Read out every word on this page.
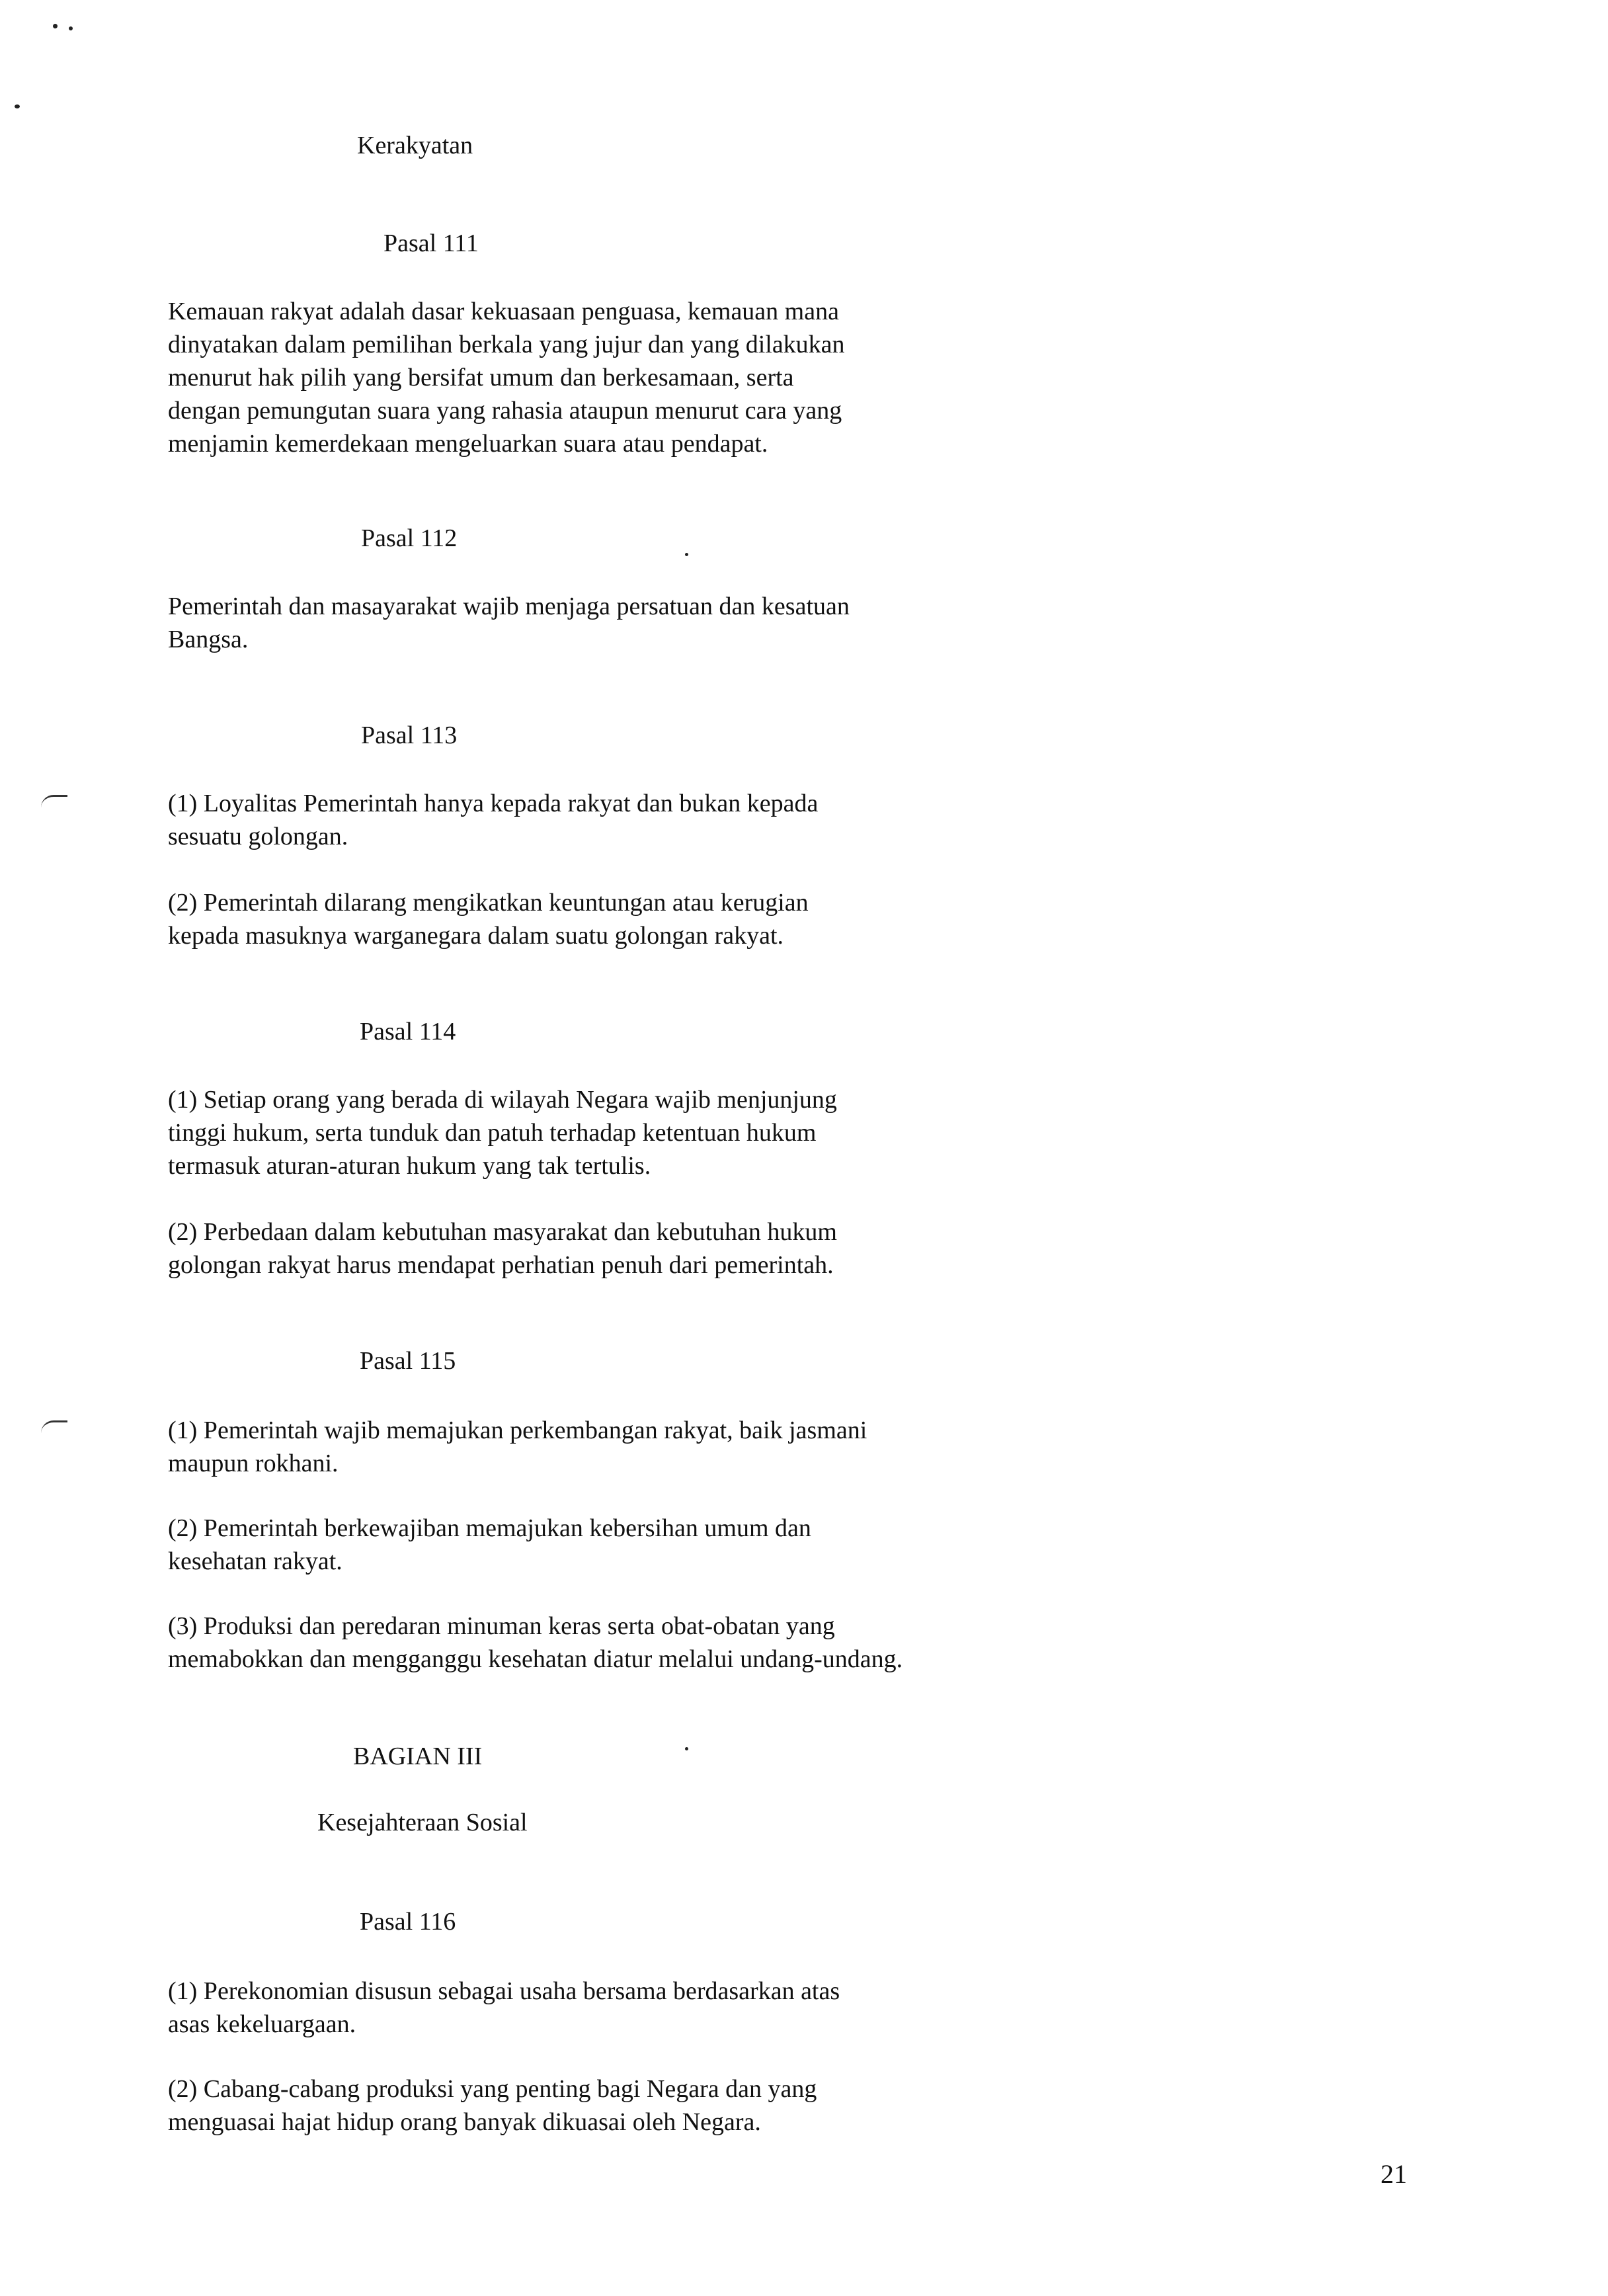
Kerakyatan
Pasal 111
Kemauan rakyat adalah dasar kekuasaan penguasa, kemauan mana
dinyatakan dalam pemilihan berkala yang jujur dan yang dilakukan
menurut hak pilih yang bersifat umum dan berkesamaan, serta
dengan pemungutan suara yang rahasia ataupun menurut cara yang
menjamin kemerdekaan mengeluarkan suara atau pendapat.
Pasal 112
Pemerintah dan masayarakat wajib menjaga persatuan dan kesatuan
Bangsa.
Pasal 113
(1) Loyalitas Pemerintah hanya kepada rakyat dan bukan kepada
sesuatu golongan.
(2) Pemerintah dilarang mengikatkan keuntungan atau kerugian
kepada masuknya warganegara dalam suatu golongan rakyat.
Pasal 114
(1) Setiap orang yang berada di wilayah Negara wajib menjunjung
tinggi hukum, serta tunduk dan patuh terhadap ketentuan hukum
termasuk aturan-aturan hukum yang tak tertulis.
(2) Perbedaan dalam kebutuhan masyarakat dan kebutuhan hukum
golongan rakyat harus mendapat perhatian penuh dari pemerintah.
Pasal 115
(1) Pemerintah wajib memajukan perkembangan rakyat, baik jasmani
maupun rokhani.
(2) Pemerintah berkewajiban memajukan kebersihan umum dan
kesehatan rakyat.
(3) Produksi dan peredaran minuman keras serta obat-obatan yang
memabokkan dan mengganggu kesehatan diatur melalui undang-undang.
BAGIAN III
Kesejahteraan Sosial
Pasal 116
(1) Perekonomian disusun sebagai usaha bersama berdasarkan atas
asas kekeluargaan.
(2) Cabang-cabang produksi yang penting bagi Negara dan yang
menguasai hajat hidup orang banyak dikuasai oleh Negara.
21
